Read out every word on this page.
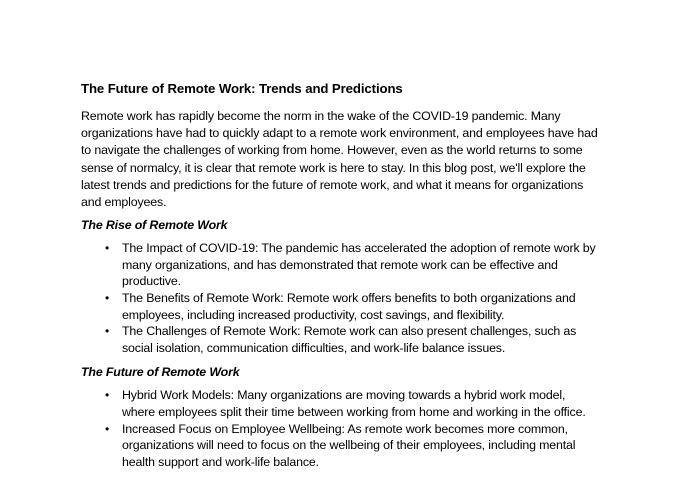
The Future of Remote Work: Trends and Predictions

Remote work has rapidly become the norm in the wake of the COVID-19 pandemic. Many organizations have had to quickly adapt to a remote work environment, and employees have had to navigate the challenges of working from home. However, even as the world returns to some sense of normalcy, it is clear that remote work is here to stay. In this blog post, we'll explore the latest trends and predictions for the future of remote work, and what it means for organizations and employees.

The Rise of Remote Work
• The Impact of COVID-19: The pandemic has accelerated the adoption of remote work by many organizations, and has demonstrated that remote work can be effective and productive.
• The Benefits of Remote Work: Remote work offers benefits to both organizations and employees, including increased productivity, cost savings, and flexibility.
• The Challenges of Remote Work: Remote work can also present challenges, such as social isolation, communication difficulties, and work-life balance issues.
The Future of Remote Work
• Hybrid Work Models: Many organizations are moving towards a hybrid work model, where employees split their time between working from home and working in the office.
• Increased Focus on Employee Wellbeing: As remote work becomes more common, organizations will need to focus on the wellbeing of their employees, including mental health support and work-life balance.
